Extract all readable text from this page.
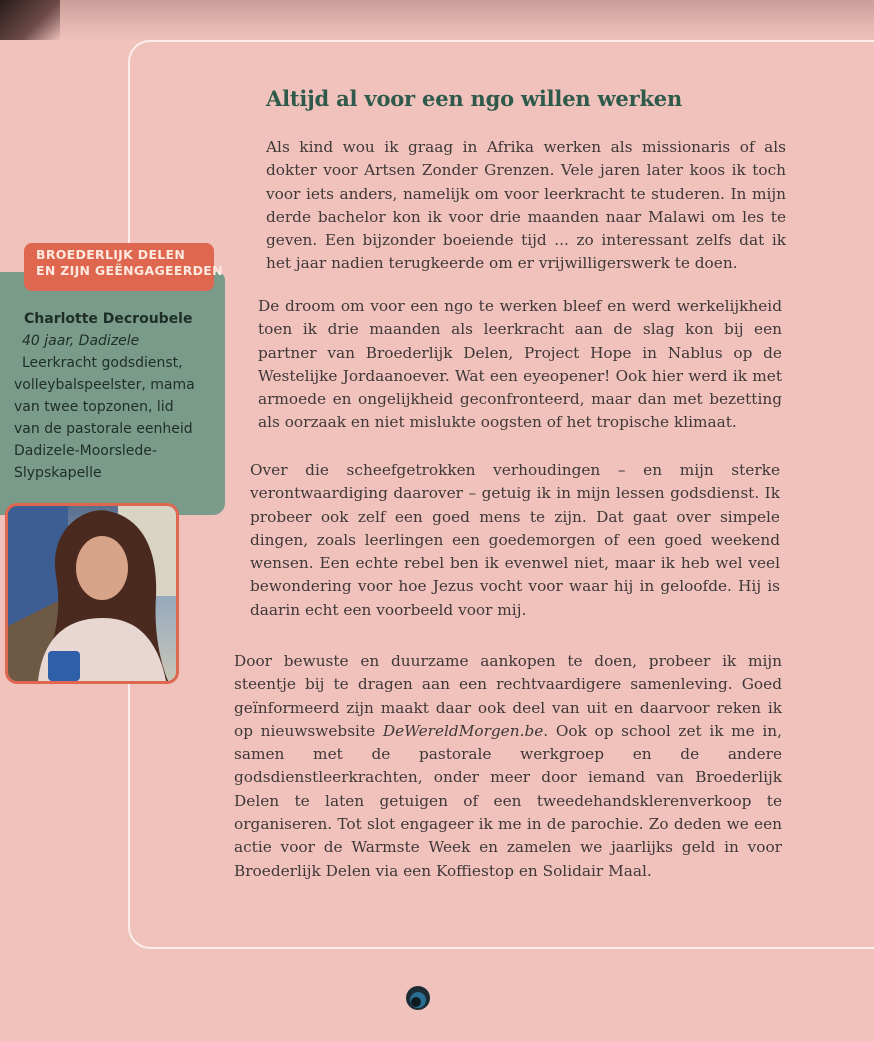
Altijd al voor een ngo willen werken

Als kind wou ik graag in Afrika werken als missionaris of als dokter voor Artsen Zonder Grenzen. Vele jaren later koos ik toch voor iets anders, namelijk om voor leerkracht te studeren. In mijn derde bachelor kon ik voor drie maanden naar Malawi om les te geven. Een bijzonder boeiende tijd ... zo interessant zelfs dat ik het jaar nadien terugkeerde om er vrijwilligerswerk te doen.

De droom om voor een ngo te werken bleef en werd werkelijkheid toen ik drie maanden als leerkracht aan de slag kon bij een partner van Broederlijk Delen, Project Hope in Nablus op de Westelijke Jordaanoever. Wat een eyeopener! Ook hier werd ik met armoede en ongelijkheid geconfronteerd, maar dan met bezetting als oorzaak en niet mislukte oogsten of het tropische klimaat.

Over die scheefgetrokken verhoudingen – en mijn sterke verontwaardiging daarover – getuig ik in mijn lessen godsdienst. Ik probeer ook zelf een goed mens te zijn. Dat gaat over simpele dingen, zoals leerlingen een goedemorgen of een goed weekend wensen. Een echte rebel ben ik evenwel niet, maar ik heb wel veel bewondering voor hoe Jezus vocht voor waar hij in geloofde. Hij is daarin echt een voorbeeld voor mij.

Door bewuste en duurzame aankopen te doen, probeer ik mijn steentje bij te dragen aan een rechtvaardigere samenleving. Goed geïnformeerd zijn maakt daar ook deel van uit en daarvoor reken ik op nieuwswebsite DeWereldMorgen.be. Ook op school zet ik me in, samen met de pastorale werkgroep en de andere godsdienstleerkrachten, onder meer door iemand van Broederlijk Delen te laten getuigen of een tweedehandsklerenverkoop te organiseren. Tot slot engageer ik me in de parochie. Zo deden we een actie voor de Warmste Week en zamelen we jaarlijks geld in voor Broederlijk Delen via een Koffiestop en Solidair Maal.

BROEDERLIJK DELEN
EN ZIJN GEËNGAGEERDEN
Charlotte Decroubele
40 jaar, Dadizele
Leerkracht godsdienst,
volleybalspeelster, mama
van twee topzonen, lid
van de pastorale eenheid
Dadizele-Moorslede-
Slypskapelle
